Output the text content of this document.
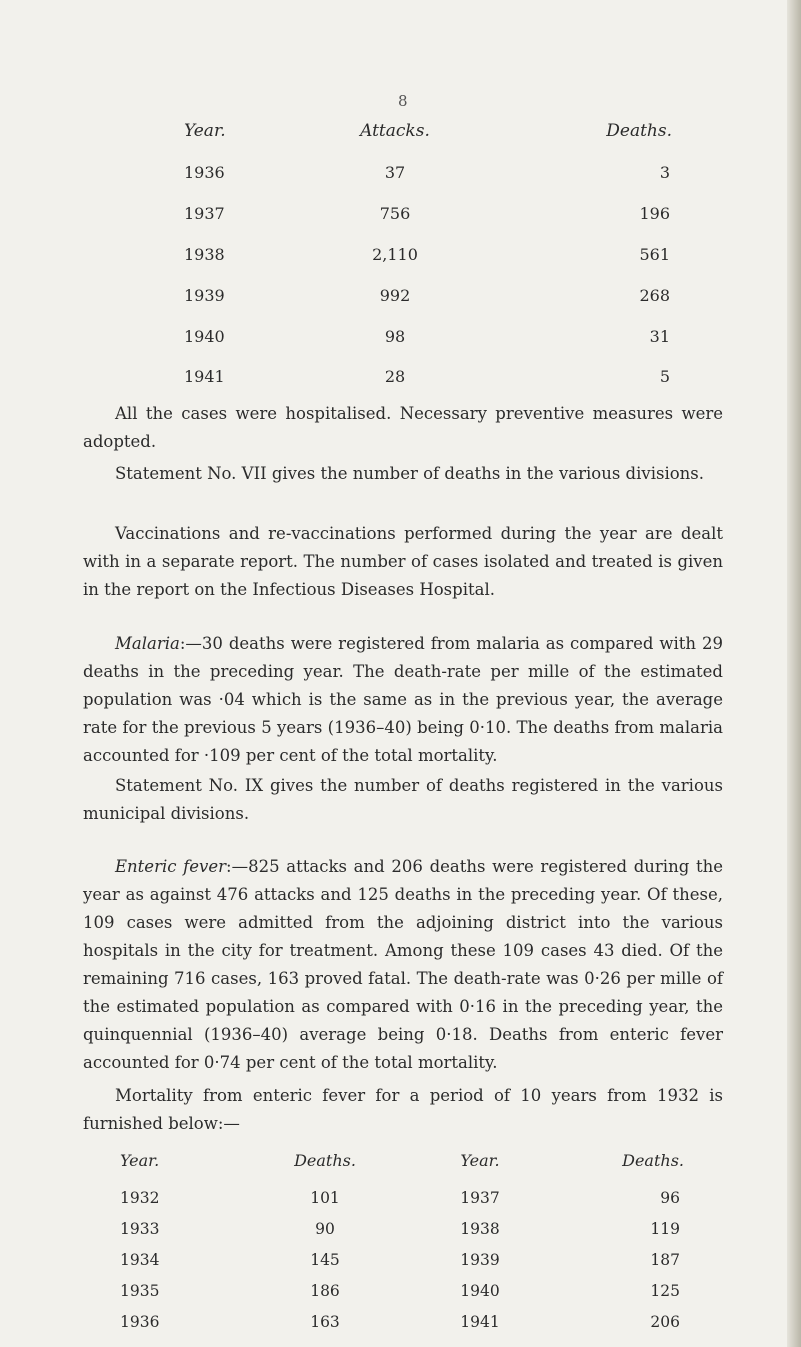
8
Year.	Attacks.	Deaths.
1936	37	3
1937	756	196
1938	2,110	561
1939	992	268
1940	98	31
1941	28	5

All the cases were hospitalised. Necessary preventive measures were adopted.

Statement No. VII gives the number of deaths in the various divisions.

Vaccinations and re-vaccinations performed during the year are dealt with in a separate report. The number of cases isolated and treated is given in the report on the Infectious Diseases Hospital.

Malaria:—30 deaths were registered from malaria as compared with 29 deaths in the preceding year. The death-rate per mille of the estimated population was ·04 which is the same as in the previous year, the average rate for the previous 5 years (1936–40) being 0·10. The deaths from malaria accounted for ·109 per cent of the total mortality.

Statement No. IX gives the number of deaths registered in the various municipal divisions.

Enteric fever:—825 attacks and 206 deaths were registered during the year as against 476 attacks and 125 deaths in the preceding year. Of these, 109 cases were admitted from the adjoining district into the various hospitals in the city for treatment. Among these 109 cases 43 died. Of the remaining 716 cases, 163 proved fatal. The death-rate was 0·26 per mille of the estimated population as compared with 0·16 in the preceding year, the quinquennial (1936–40) average being 0·18. Deaths from enteric fever accounted for 0·74 per cent of the total mortality.

Mortality from enteric fever for a period of 10 years from 1932 is furnished below:—

Year.	Deaths.	Year.	Deaths.
1932	101	1937	96
1933	90	1938	119
1934	145	1939	187
1935	186	1940	125
1936	163	1941	206
